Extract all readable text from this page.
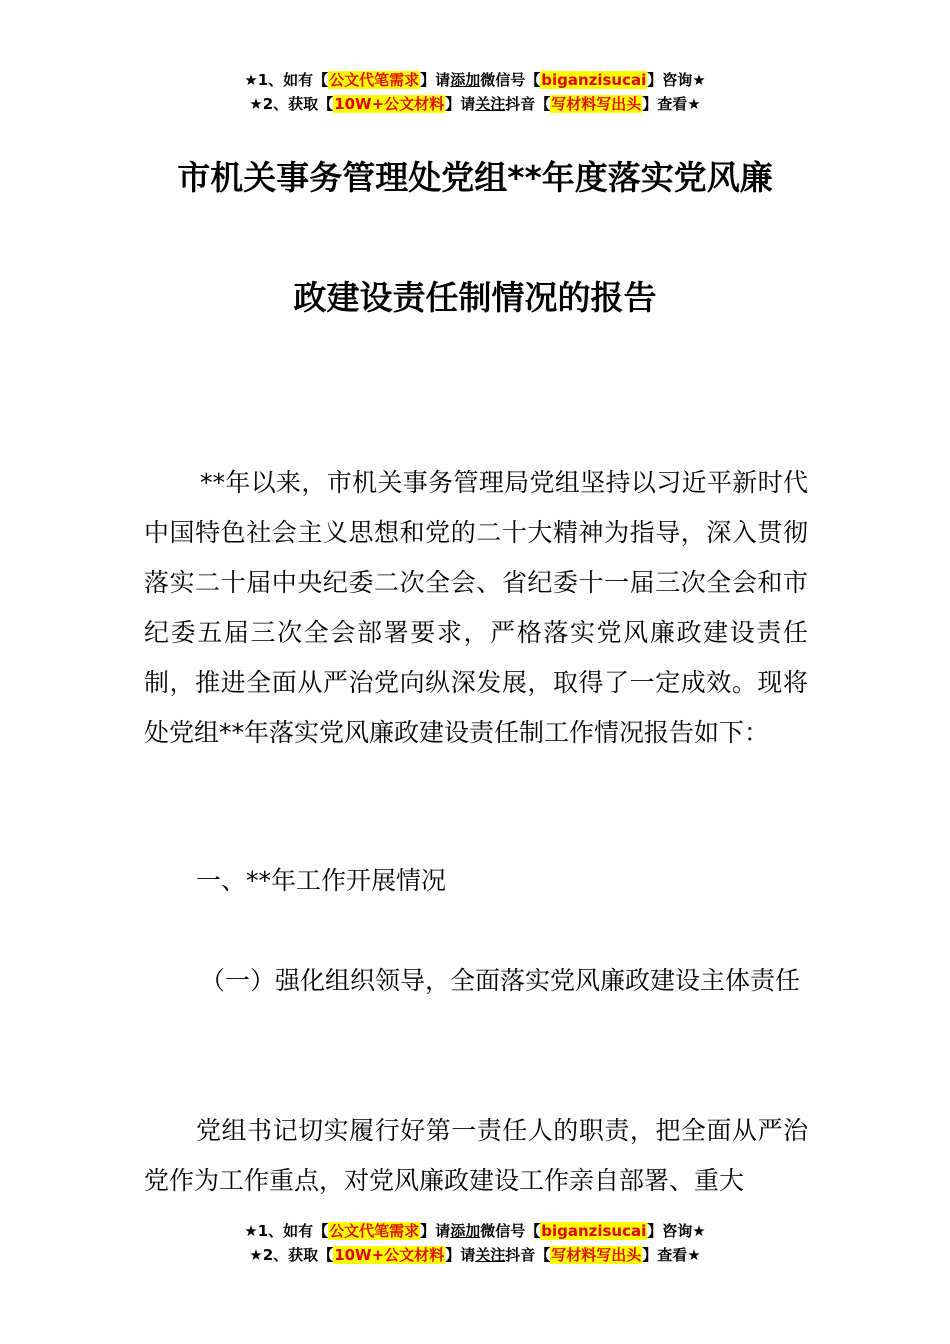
★1、如有【公文代笔需求】请添加微信号【biganzisucai】咨询★
★2、获取【10W+公文材料】请关注抖音【写材料写出头】查看★
市机关事务管理处党组**年度落实党风廉
政建设责任制情况的报告
**年以来，市机关事务管理局党组坚持以习近平新时代中国特色社会主义思想和党的二十大精神为指导，深入贯彻落实二十届中央纪委二次全会、省纪委十一届三次全会和市纪委五届三次全会部署要求，严格落实党风廉政建设责任制，推进全面从严治党向纵深发展，取得了一定成效。现将处党组**年落实党风廉政建设责任制工作情况报告如下：
一、**年工作开展情况
（一）强化组织领导，全面落实党风廉政建设主体责任
党组书记切实履行好第一责任人的职责，把全面从严治党作为工作重点，对党风廉政建设工作亲自部署、重大
★1、如有【公文代笔需求】请添加微信号【biganzisucai】咨询★
★2、获取【10W+公文材料】请关注抖音【写材料写出头】查看★
